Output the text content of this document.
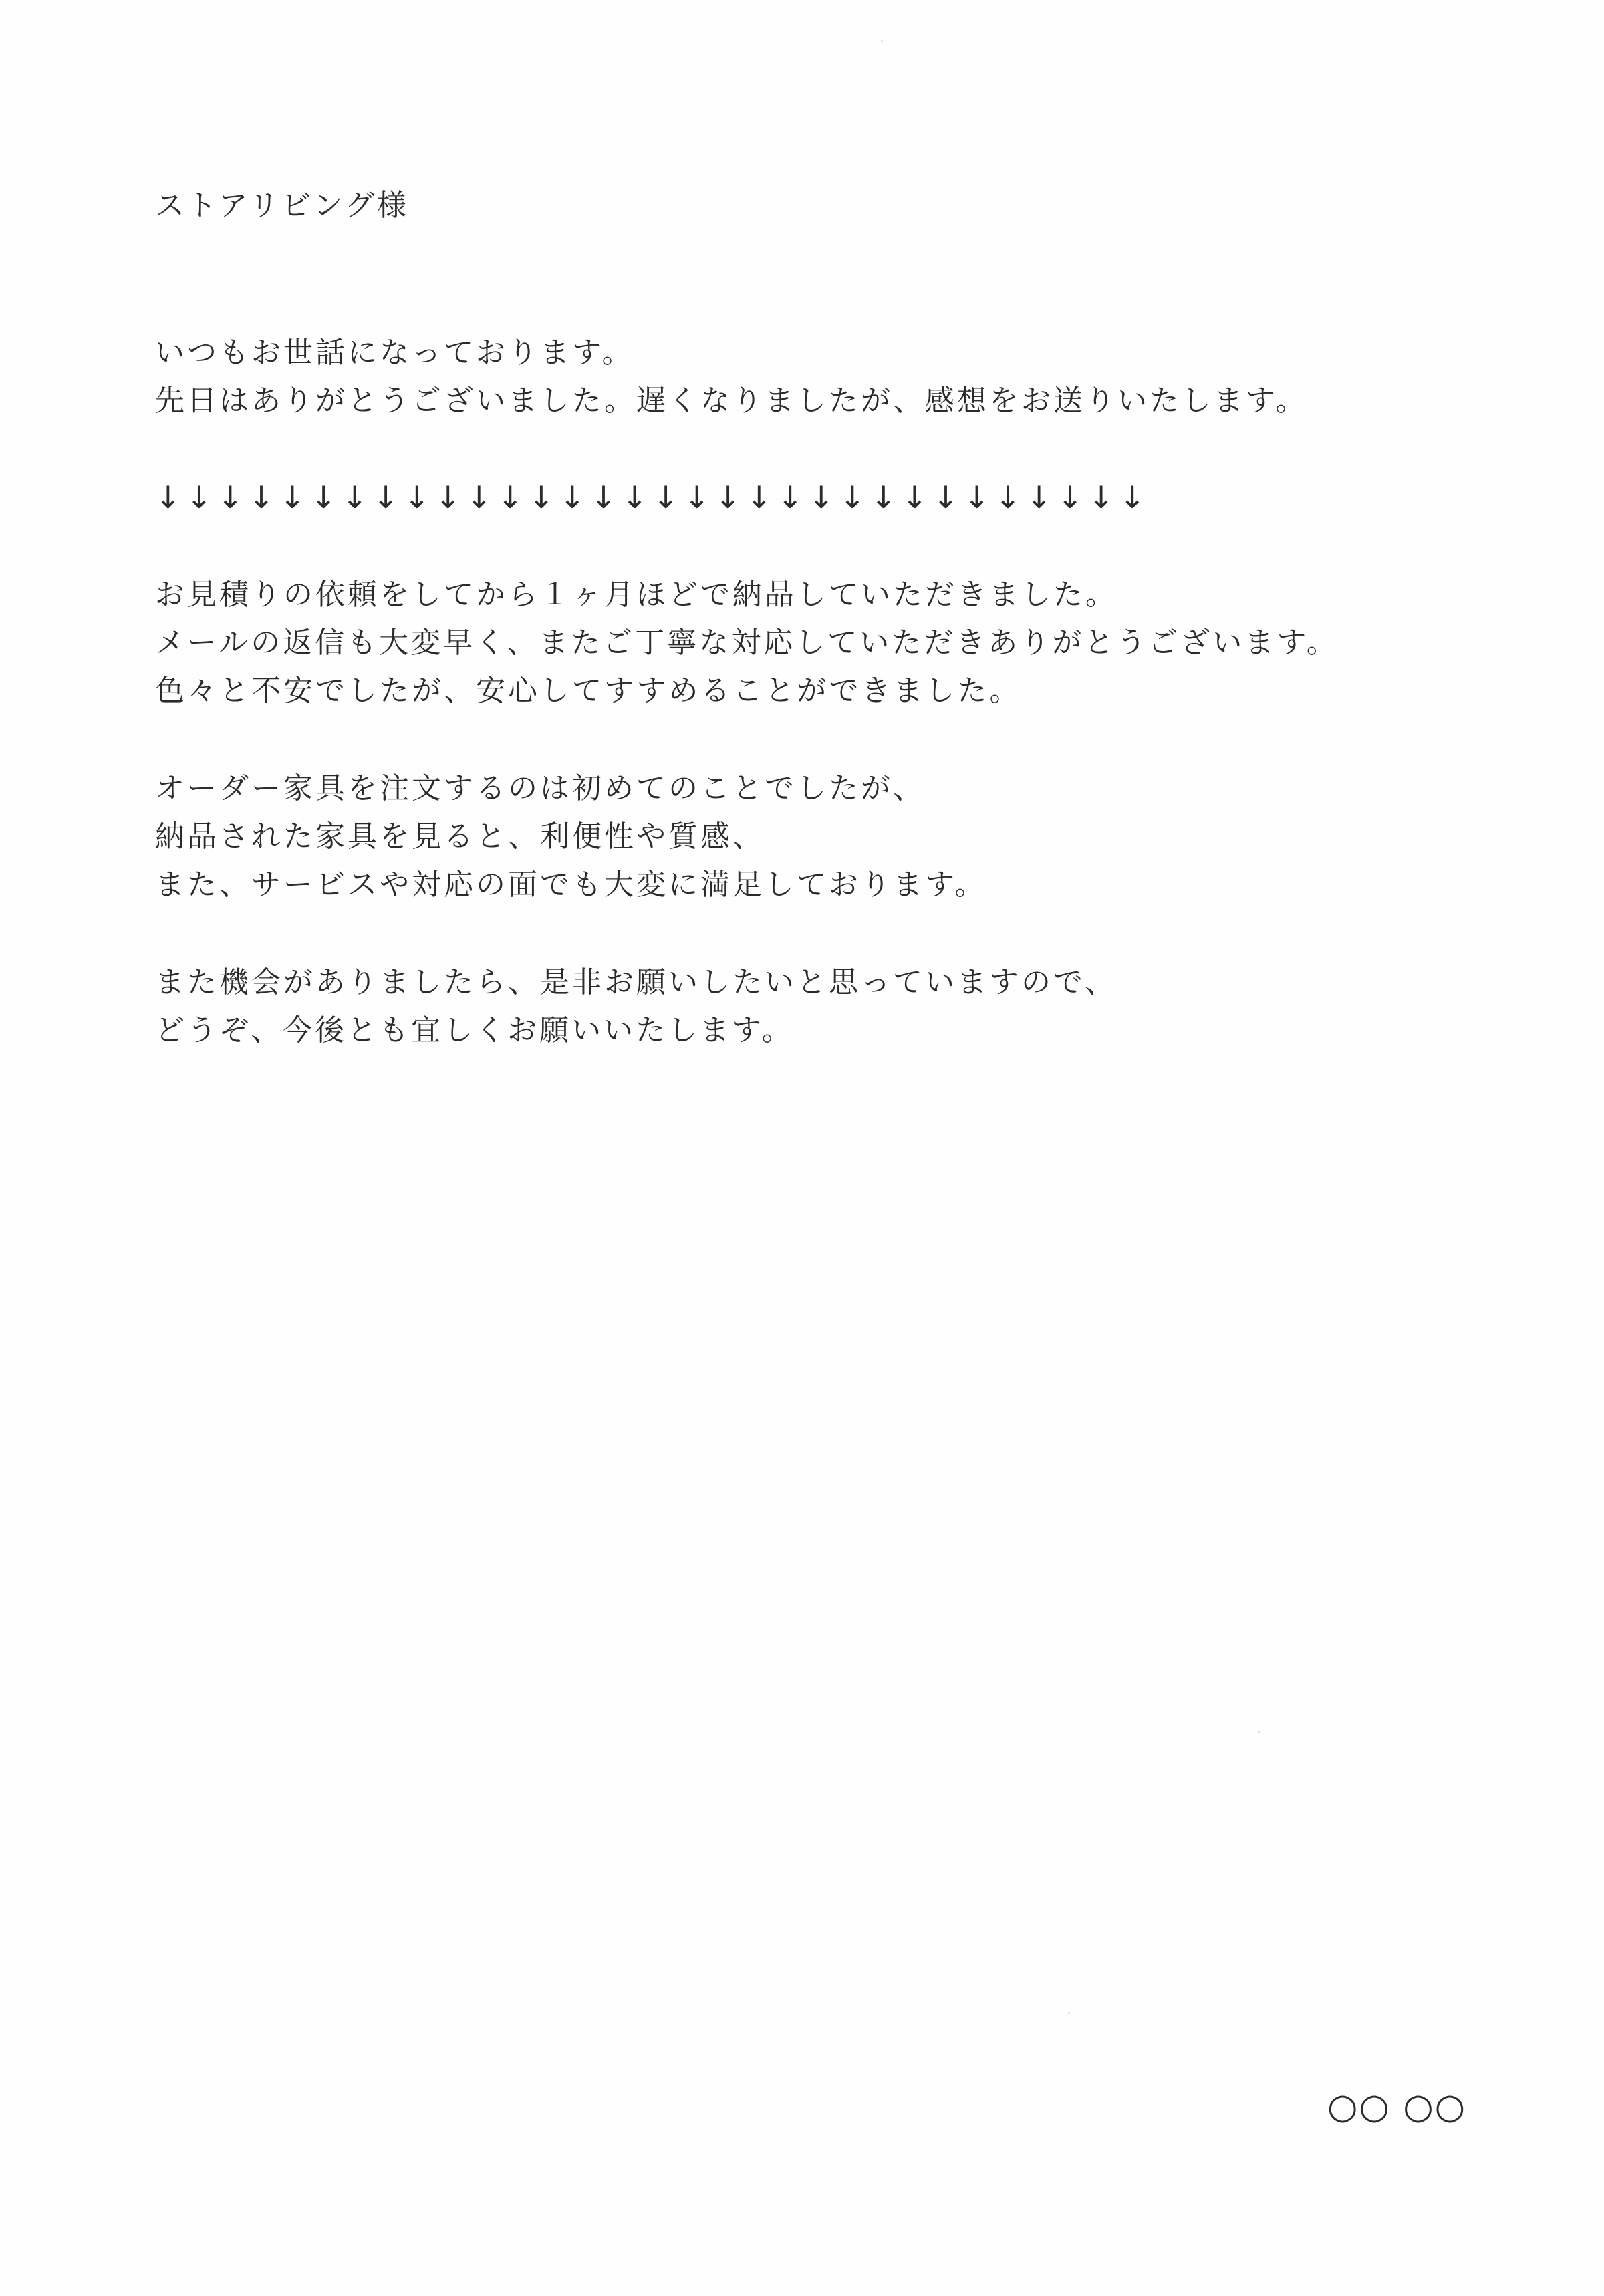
ストアリビング様
いつもお世話になっております。
先日はありがとうございました。遅くなりましたが、感想をお送りいたします。
↓↓↓↓↓↓↓↓↓↓↓↓↓↓↓↓↓↓↓↓↓↓↓↓↓↓↓↓↓↓↓↓
お見積りの依頼をしてから１ヶ月ほどで納品していただきました。
メールの返信も大変早く、またご丁寧な対応していただきありがとうございます。
色々と不安でしたが、安心してすすめることができました。
オーダー家具を注文するのは初めてのことでしたが、
納品された家具を見ると、利便性や質感、
また、サービスや対応の面でも大変に満足しております。
また機会がありましたら、是非お願いしたいと思っていますので、
どうぞ、今後とも宜しくお願いいたします。
○○ ○○
